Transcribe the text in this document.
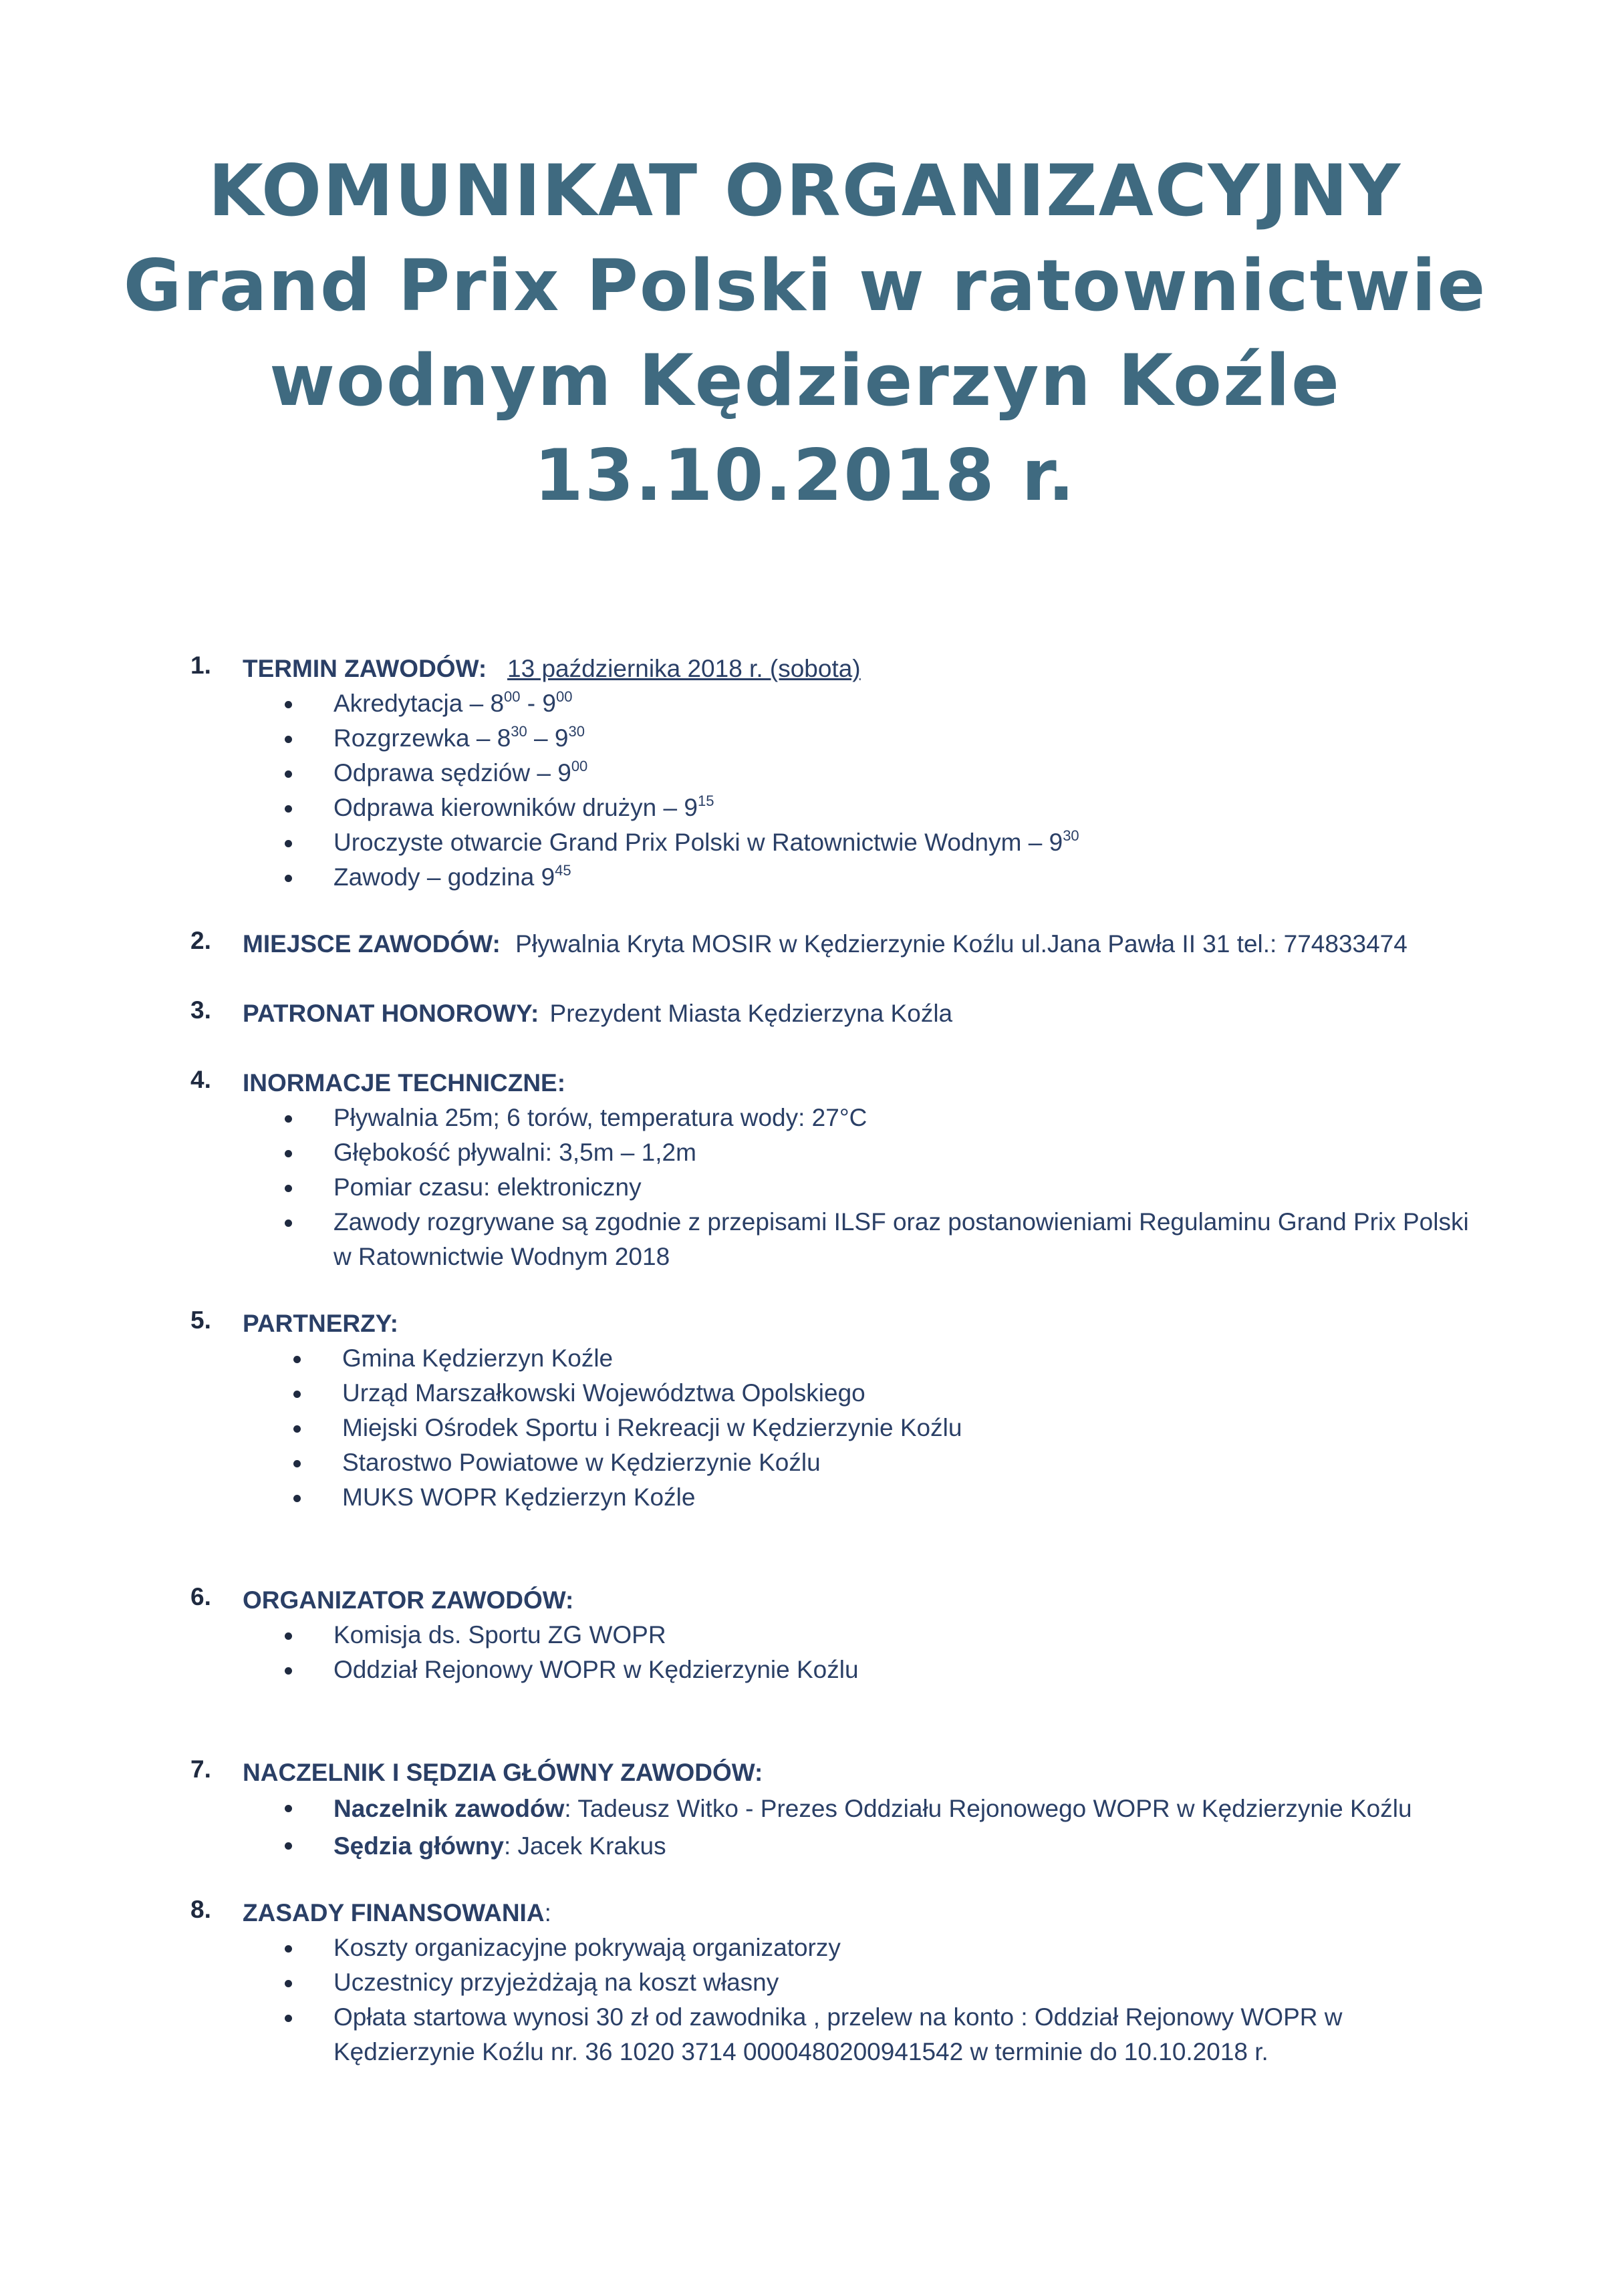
KOMUNIKAT ORGANIZACYJNY
Grand Prix Polski w ratownictwie
wodnym Kędzierzyn Koźle
13.10.2018 r.
1. TERMIN ZAWODÓW: 13 października 2018 r. (sobota)
Akredytacja – $8^{00} - 9^{00}$
Rozgrzewka – $8^{30} - 9^{30}$
Odprawa sędziów – $9^{00}$
Odprawa kierowników drużyn – $9^{15}$
Uroczyste otwarcie Grand Prix Polski w Ratownictwie Wodnym – $9^{30}$
Zawody – godzina $9^{45}$
2. MIEJSCE ZAWODÓW: Pływalnia Kryta MOSIR w Kędzierzynie Koźlu ul.Jana Pawła II 31 tel.: 774833474
3. PATRONAT HONOROWY: Prezydent Miasta Kędzierzyna Koźla
4. INORMACJE TECHNICZNE:
Pływalnia 25m; 6 torów, temperatura wody: 27°C
Głębokość pływalni: 3,5m – 1,2m
Pomiar czasu: elektroniczny
Zawody rozgrywane są zgodnie z przepisami ILSF oraz postanowieniami Regulaminu Grand Prix Polski
w Ratownictwie Wodnym 2018
5. PARTNERZY:
Gmina Kędzierzyn Koźle
Urząd Marszałkowski Województwa Opolskiego
Miejski Ośrodek Sportu i Rekreacji w Kędzierzynie Koźlu
Starostwo Powiatowe w Kędzierzynie Koźlu
MUKS WOPR Kędzierzyn Koźle
6. ORGANIZATOR ZAWODÓW:
Komisja ds. Sportu ZG WOPR
Oddział Rejonowy WOPR w Kędzierzynie Koźlu
7. NACZELNIK I SĘDZIA GŁÓWNY ZAWODÓW:
Naczelnik zawodów: Tadeusz Witko - Prezes Oddziału Rejonowego WOPR w Kędzierzynie Koźlu
Sędzia główny: Jacek Krakus
8. ZASADY FINANSOWANIA:
Koszty organizacyjne pokrywają organizatorzy
Uczestnicy przyjeżdżają na koszt własny
Opłata startowa wynosi 30 zł od zawodnika , przelew na konto : Oddział Rejonowy WOPR w
Kędzierzynie Koźlu nr. 36 1020 3714 0000480200941542 w terminie do 10.10.2018 r.
